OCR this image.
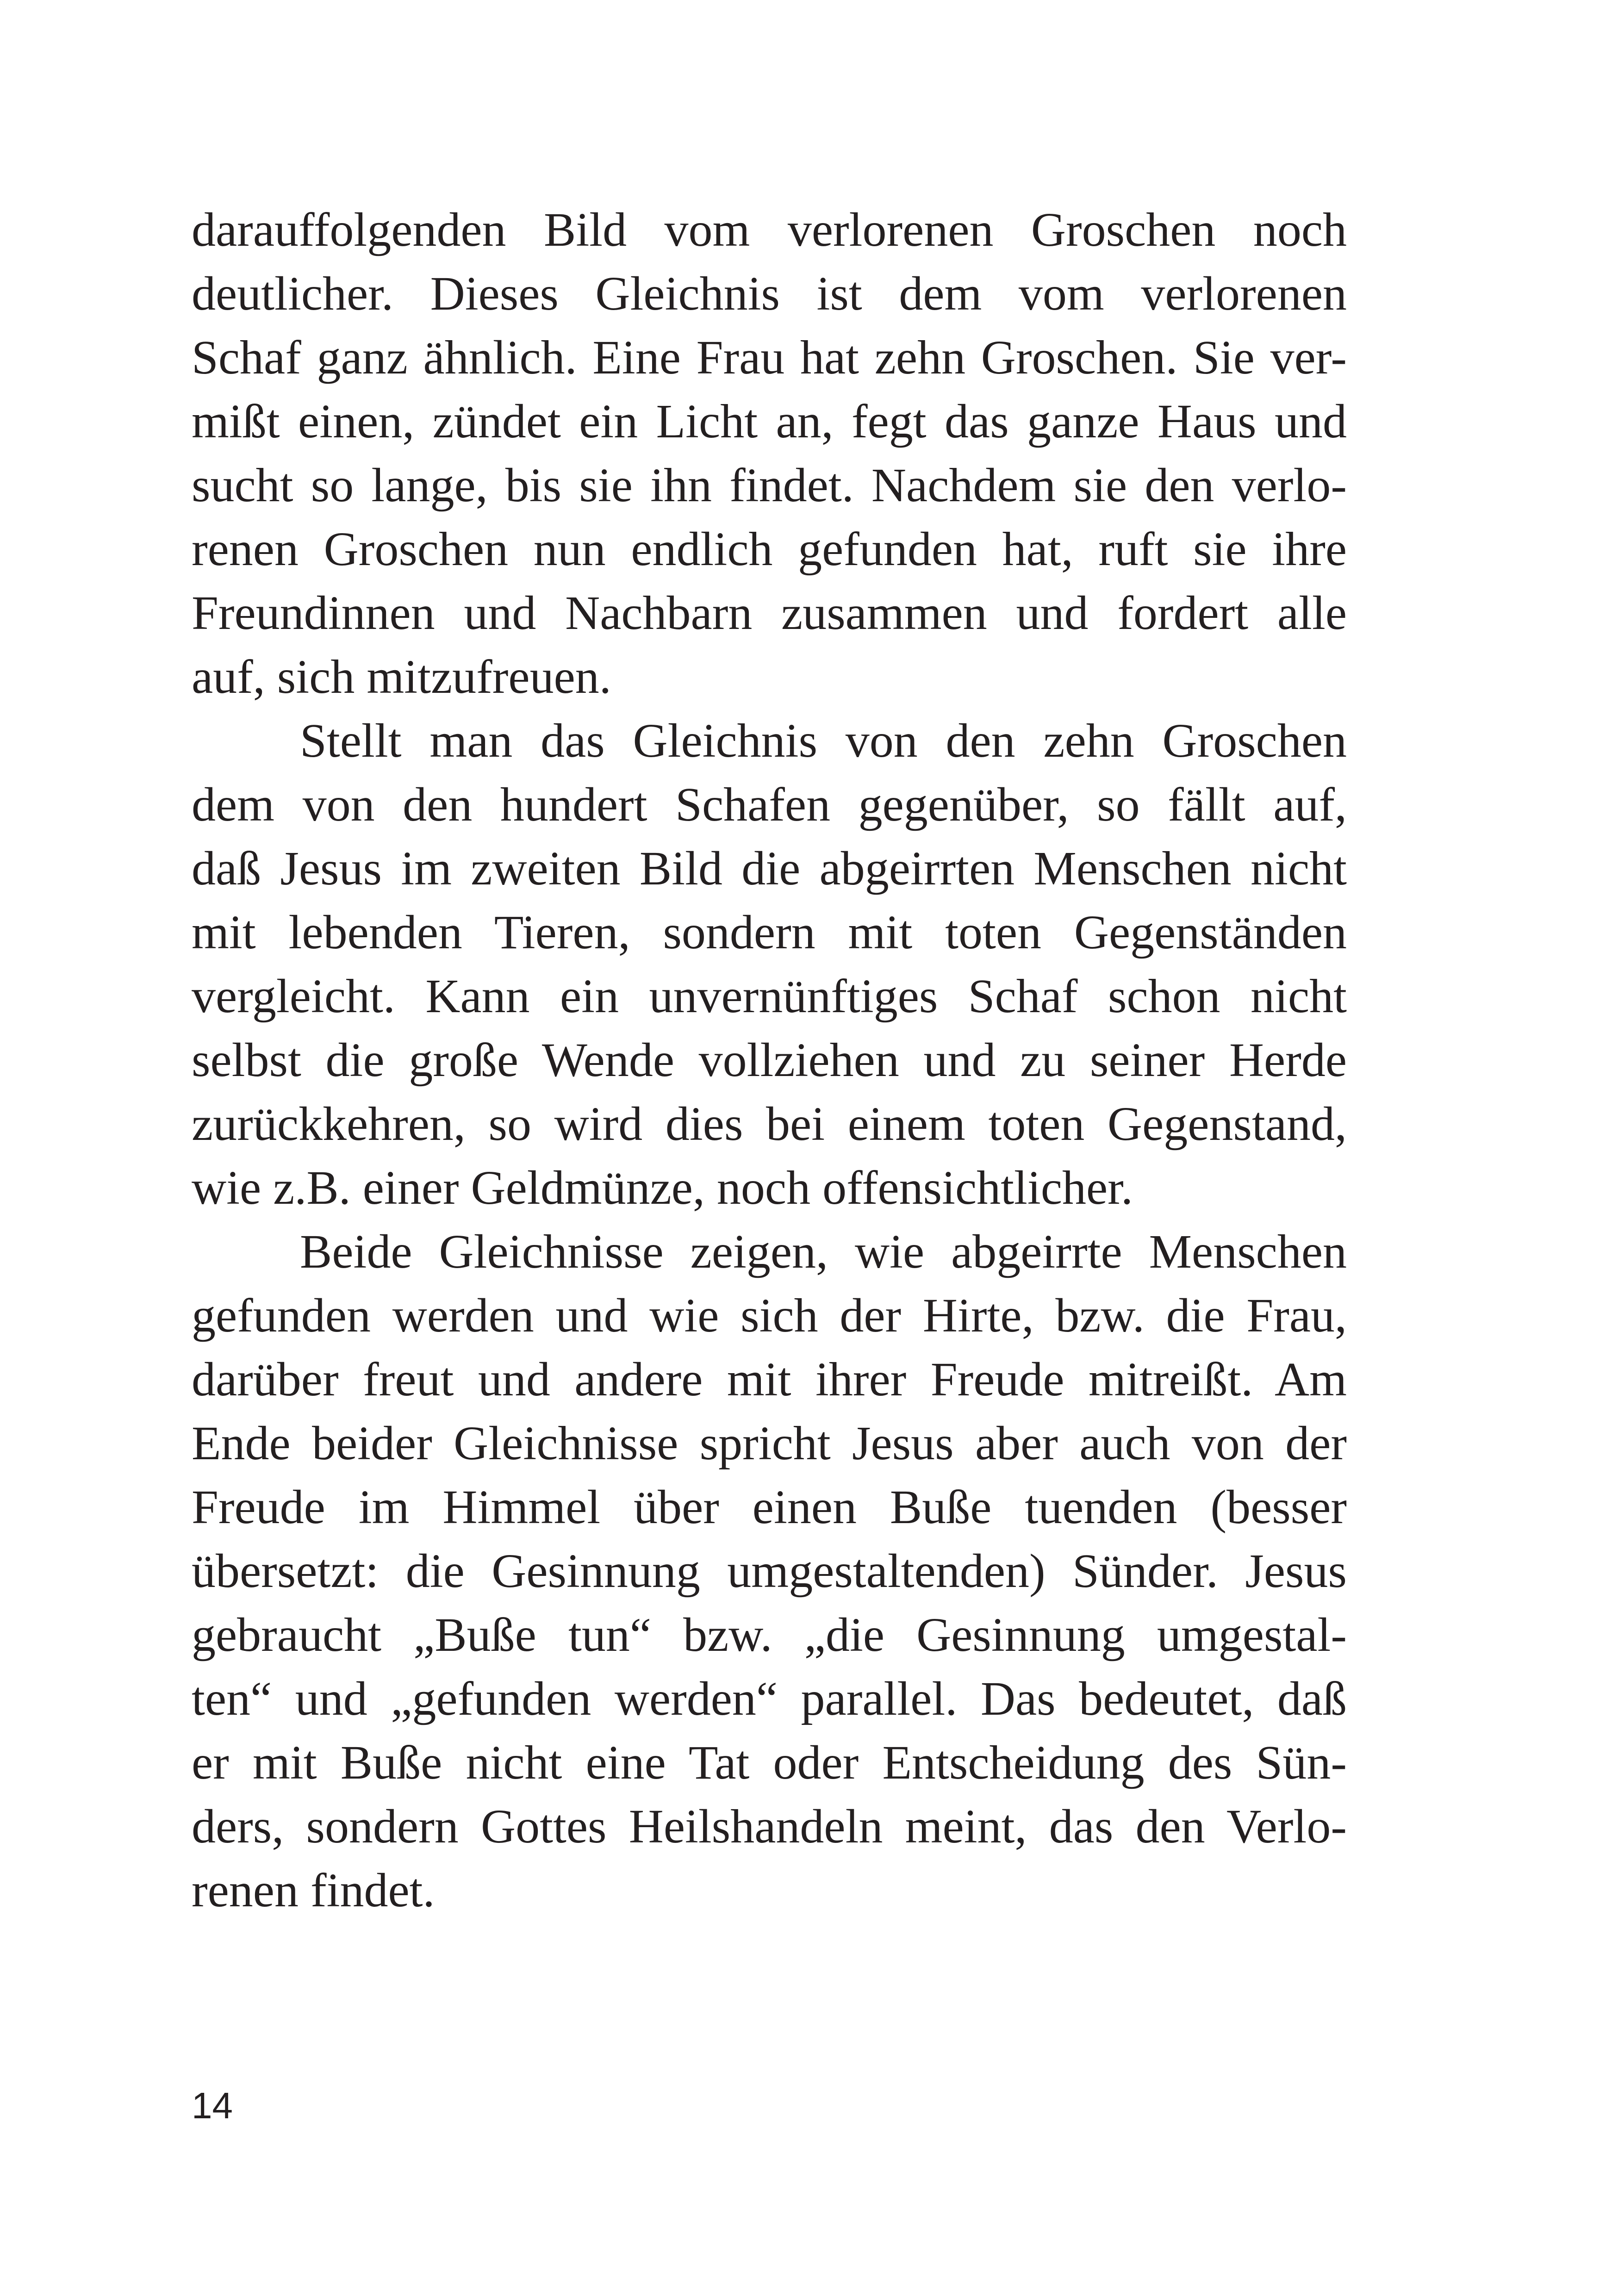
darauffolgenden Bild vom verlorenen Groschen noch
deutlicher. Dieses Gleichnis ist dem vom verlorenen
Schaf ganz ähnlich. Eine Frau hat zehn Groschen. Sie ver-
mißt einen, zündet ein Licht an, fegt das ganze Haus und
sucht so lange, bis sie ihn findet. Nachdem sie den verlo-
renen Groschen nun endlich gefunden hat, ruft sie ihre
Freundinnen und Nachbarn zusammen und fordert alle
auf, sich mitzufreuen.
Stellt man das Gleichnis von den zehn Groschen
dem von den hundert Schafen gegenüber, so fällt auf,
daß Jesus im zweiten Bild die abgeirrten Menschen nicht
mit lebenden Tieren, sondern mit toten Gegenständen
vergleicht. Kann ein unvernünftiges Schaf schon nicht
selbst die große Wende vollziehen und zu seiner Herde
zurückkehren, so wird dies bei einem toten Gegenstand,
wie z.B. einer Geldmünze, noch offensichtlicher.
Beide Gleichnisse zeigen, wie abgeirrte Menschen
gefunden werden und wie sich der Hirte, bzw. die Frau,
darüber freut und andere mit ihrer Freude mitreißt. Am
Ende beider Gleichnisse spricht Jesus aber auch von der
Freude im Himmel über einen Buße tuenden (besser
übersetzt: die Gesinnung umgestaltenden) Sünder. Jesus
gebraucht „Buße tun“ bzw. „die Gesinnung umgestal-
ten“ und „gefunden werden“ parallel. Das bedeutet, daß
er mit Buße nicht eine Tat oder Entscheidung des Sün-
ders, sondern Gottes Heilshandeln meint, das den Verlo-
renen findet.
14
